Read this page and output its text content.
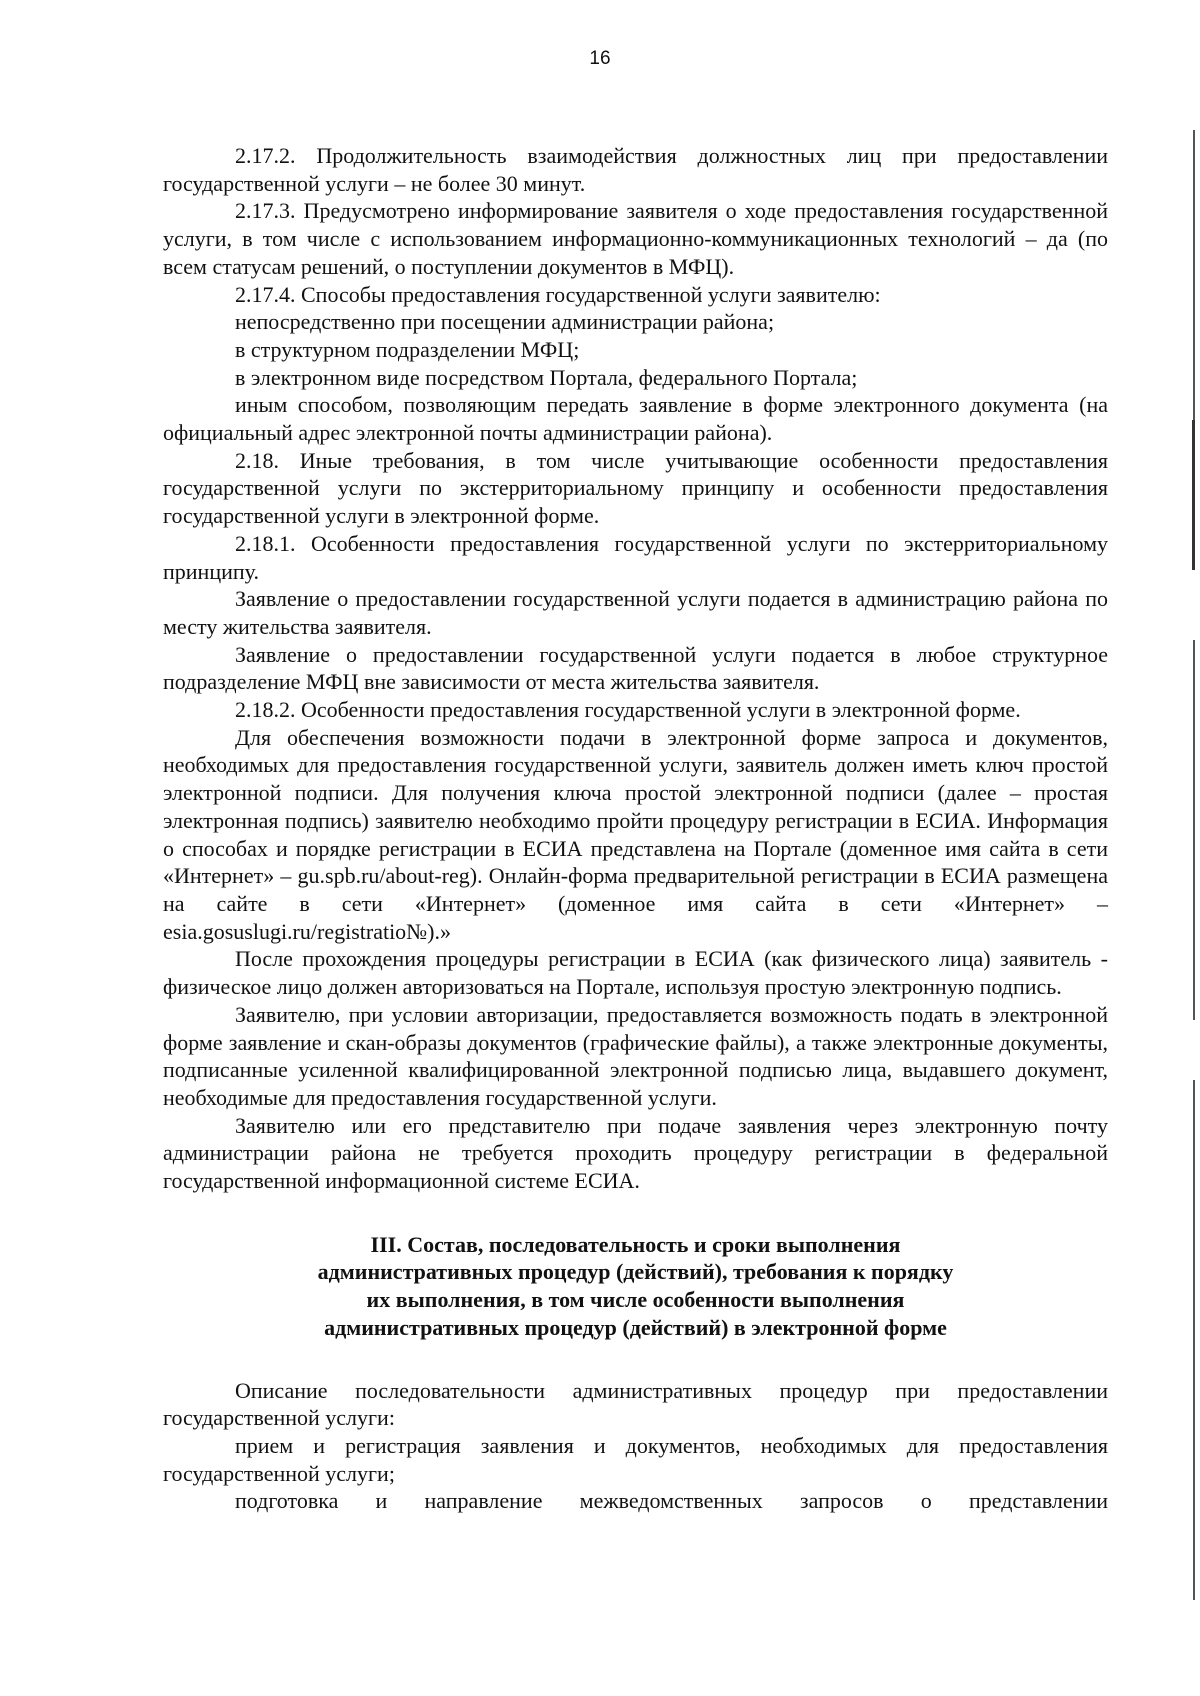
16

2.17.2. Продолжительность взаимодействия должностных лиц при предоставлении государственной услуги – не более 30 минут.

2.17.3. Предусмотрено информирование заявителя о ходе предоставления государственной услуги, в том числе с использованием информационно-коммуникационных технологий – да (по всем статусам решений, о поступлении документов в МФЦ).

2.17.4. Способы предоставления государственной услуги заявителю:

непосредственно при посещении администрации района;

в структурном подразделении МФЦ;

в электронном виде посредством Портала, федерального Портала;

иным способом, позволяющим передать заявление в форме электронного документа (на официальный адрес электронной почты администрации района).

2.18. Иные требования, в том числе учитывающие особенности предоставления государственной услуги по экстерриториальному принципу и особенности предоставления государственной услуги в электронной форме.

2.18.1. Особенности предоставления государственной услуги по экстерриториальному принципу.

Заявление о предоставлении государственной услуги подается в администрацию района по месту жительства заявителя.

Заявление о предоставлении государственной услуги подается в любое структурное подразделение МФЦ вне зависимости от места жительства заявителя.

2.18.2. Особенности предоставления государственной услуги в электронной форме.

Для обеспечения возможности подачи в электронной форме запроса и документов, необходимых для предоставления государственной услуги, заявитель должен иметь ключ простой электронной подписи. Для получения ключа простой электронной подписи (далее – простая электронная подпись) заявителю необходимо пройти процедуру регистрации в ЕСИА. Информация о способах и порядке регистрации в ЕСИА представлена на Портале (доменное имя сайта в сети «Интернет» – gu.spb.ru/about-reg). Онлайн-форма предварительной регистрации в ЕСИА размещена на сайте в сети «Интернет» (доменное имя сайта в сети «Интернет» – esia.gosuslugi.ru/registratio№).»

После прохождения процедуры регистрации в ЕСИА (как физического лица) заявитель - физическое лицо должен авторизоваться на Портале, используя простую электронную подпись.

Заявителю, при условии авторизации, предоставляется возможность подать в электронной форме заявление и скан-образы документов (графические файлы), а также электронные документы, подписанные усиленной квалифицированной электронной подписью лица, выдавшего документ, необходимые для предоставления государственной услуги.

Заявителю или его представителю при подаче заявления через электронную почту администрации района не требуется проходить процедуру регистрации в федеральной государственной информационной системе ЕСИА.

III. Состав, последовательность и сроки выполнения
административных процедур (действий), требования к порядку
их выполнения, в том числе особенности выполнения
административных процедур (действий) в электронной форме

Описание последовательности административных процедур при предоставлении государственной услуги:

прием и регистрация заявления и документов, необходимых для предоставления государственной услуги;

подготовка и направление межведомственных запросов о представлении
